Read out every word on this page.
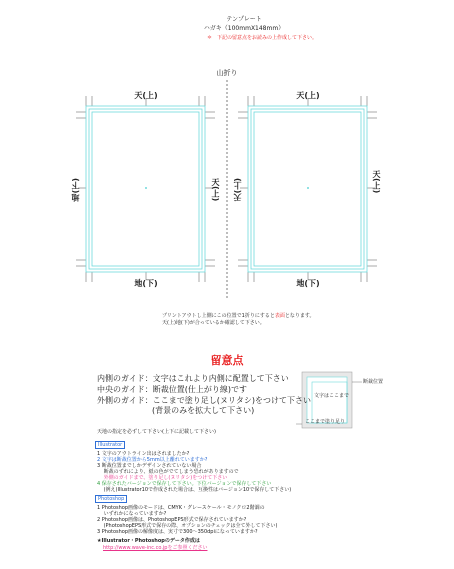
テンプレート
ハガキ（100mmX148mm）
＊　下記の留意点をお読みの上作成して下さい。
山折り
天(上)
地(下)
地(下)	天(上)
天(上)
地(下)
天(上)	天(上)
プリントアウトし上側にこの位置で1折りにすると表面となります。
天(上)地(下)が合っているか確認して下さい。
留意点
内側のガイド：文字はこれより内側に配置して下さい
中央のガイド：断裁位置(仕上がり線)です
外側のガイド：ここまで塗り足し(ヌリタシ)をつけて下さい
(背景のみを拡大して下さい)
断裁位置
文字はここまで
ここまで塗り足り
天地の指定を必ずして下さい(上下に記載して下さい)
Illustrator
1 文字のアウトライン出はされましたか?
2 文字は断裁位置から5mm以上離れていますか?
3 断裁位置までしかデザインされていない場合
　 断裁のずれにより、紙の色がでてしまう恐れがありますので
　 外側のガイドまで、塗り足し(ヌリタシ)をつけて下さい
4 保存されたバージョンで保存して下さい。下位バージョンで保存して下さい
　 (例え)Illustrator10で作成された場合は、互換性はバージョン10で保存して下さい)
Photoshop
1 Photoshop画像のモードは、CMYK・グレースケール・モノクロ2階調の
　 いずれかになっていますか?
2 Photoshop画像は、PhotoshopEPS形式で保存されていますか?
　 (PhotoshopEPS形式で保存の際、オプションのチェックは全て外して下さい)
3 Photoshop画像の解像度は、実寸で300〜350dpiになっていますか?
★Illustrator・Photoshopのデータ作成は
http://www.wave-inc.co.jpをご参照ください
